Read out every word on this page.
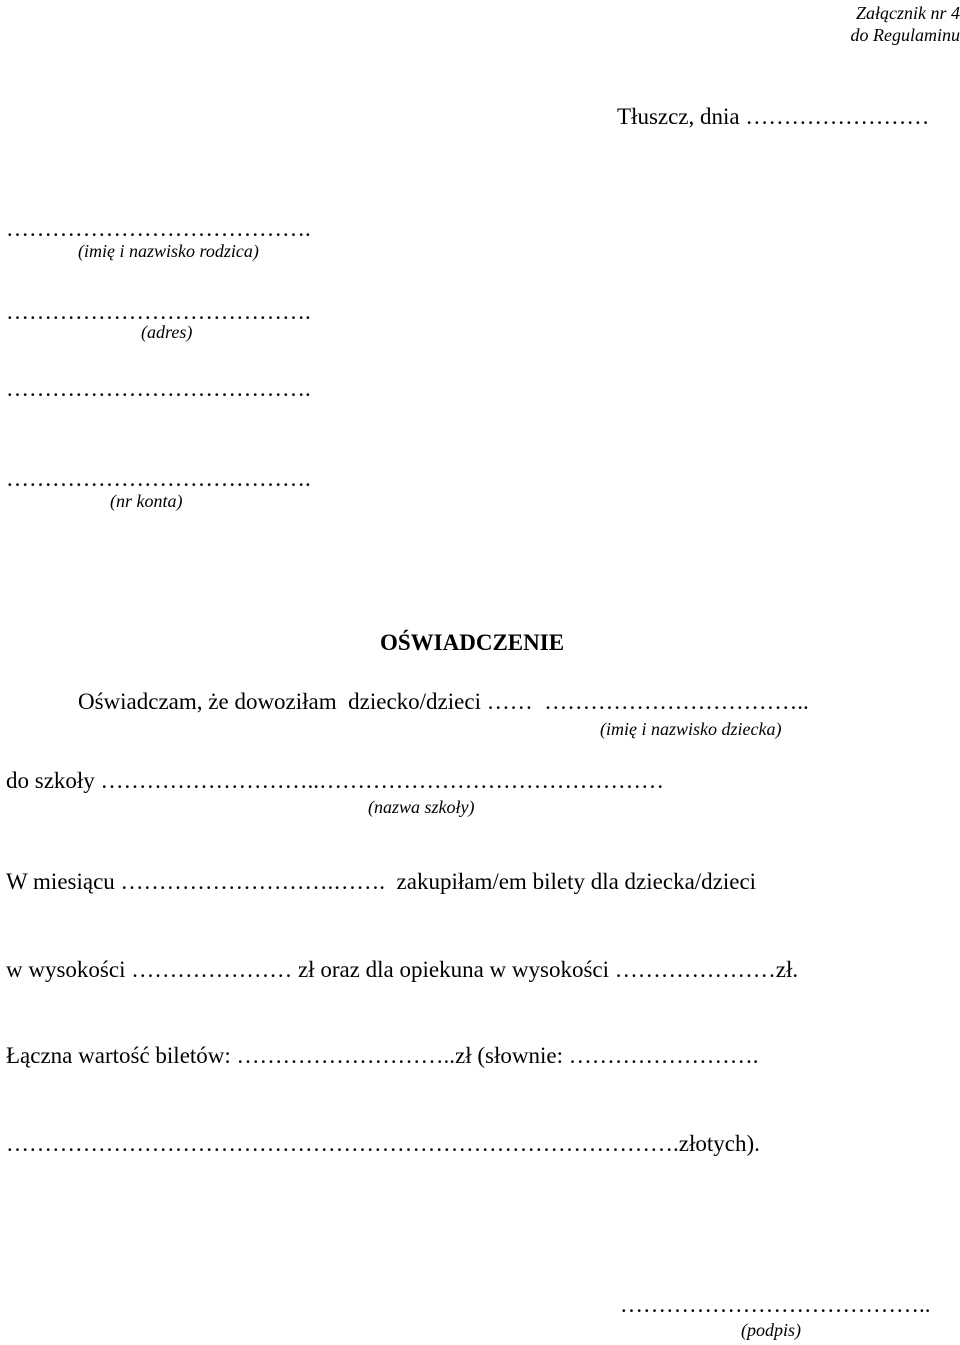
Załącznik nr 4
do Regulaminu
Tłuszcz, dnia ……………………
………………………………….
(imię i nazwisko rodzica)
………………………………….
(adres)
………………………………….
………………………………….
(nr konta)
OŚWIADCZENIE
Oświadczam, że dowoziłam  dziecko/dzieci ……  ……………………………..
(imię i nazwisko dziecka)
do szkoły ………………………..………………………………………
(nazwa szkoły)
W miesiącu ……………………….…….  zakupiłam/em bilety dla dziecka/dzieci
w wysokości ………………… zł oraz dla opiekuna w wysokości …………………zł.
Łączna wartość biletów: ………………………..zł (słownie: …………………….
…………………………………………………………………………….złotych).
…………………………………..
(podpis)
